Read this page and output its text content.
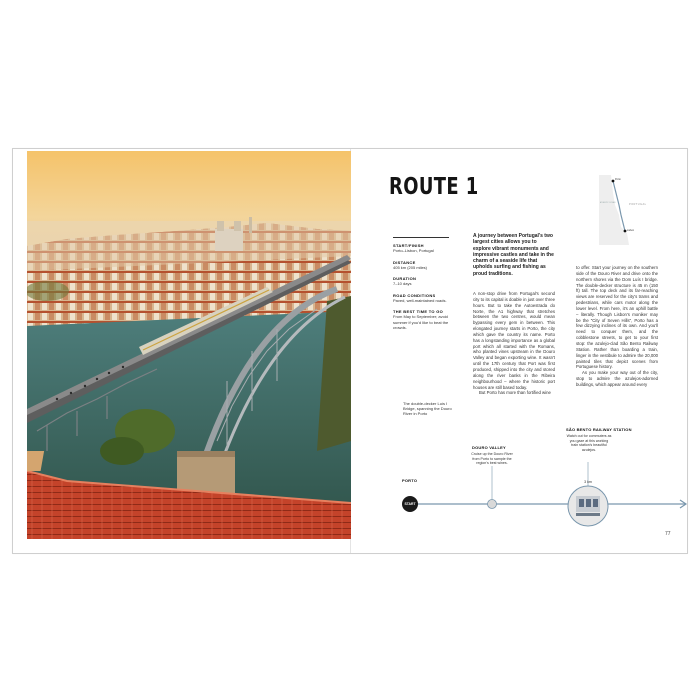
ROUTE 1	Porto
Lisbon
PORTUGAL
ATLANTIC OCEAN
START/FINISH
Porto–Lisbon, Portugal
DISTANCE
405 km (205 miles)
DURATION
7–10 days
ROAD CONDITIONS
Paved, well-maintained roads.
THE BEST TIME TO GO
From May to September; avoid summer if you'd like to beat the crowds.
The double-decker Luís I Bridge, spanning the Douro River in Porto
A journey between Portugal's two largest cities allows you to explore vibrant monuments and impressive castles and take in the charm of a seaside life that upholds surfing and fishing as proud traditions.

A non-stop drive from Portugal's second city to its capital is doable in just over three hours. But to take the Autoestrada do Norte, the A1 highway that stretches between the two centres, would mean bypassing every gem in between. This elongated journey starts in Porto, the city which gave the country its name. Porto has a longstanding importance as a global port which all started with the Romans, who planted vines upstream in the Douro Valley and began exporting wine. It wasn't until the 17th century that Port was first produced, shipped into the city and stored along the river banks in the Ribeira neighbourhood – where the historic port houses are still based today.

But Porto has more than fortified wine

to offer. Start your journey on the southern side of the Douro River and drive onto the northern shores via the Dom Luís I bridge. The double-decker structure is 45 m (150 ft) tall. The top deck and its far-reaching views are reserved for the city's trams and pedestrians, while cars motor along the lower level. From here, it's an uphill battle – literally. Though Lisbon's moniker may be the "City of Seven Hills", Porto has a few dizzying inclines of its own. And you'll need to conquer them, and the cobblestone streets, to get to your first stop: the azulejo-clad São Bento Railway Station. Rather than boarding a train, linger in the vestibule to admire the 20,000 painted tiles that depict scenes from Portuguese history.

As you make your way out of the city, stop to admire the azulejos-adorned buildings, which appear around every

PORTO
START
DOURO VALLEY
Cruise up the Douro River from Porto to sample the region's best wines.
SÃO BENTO RAILWAY STATION
Watch out for commuters as you gaze at this working train station's beautiful azulejos.
3 km
77
